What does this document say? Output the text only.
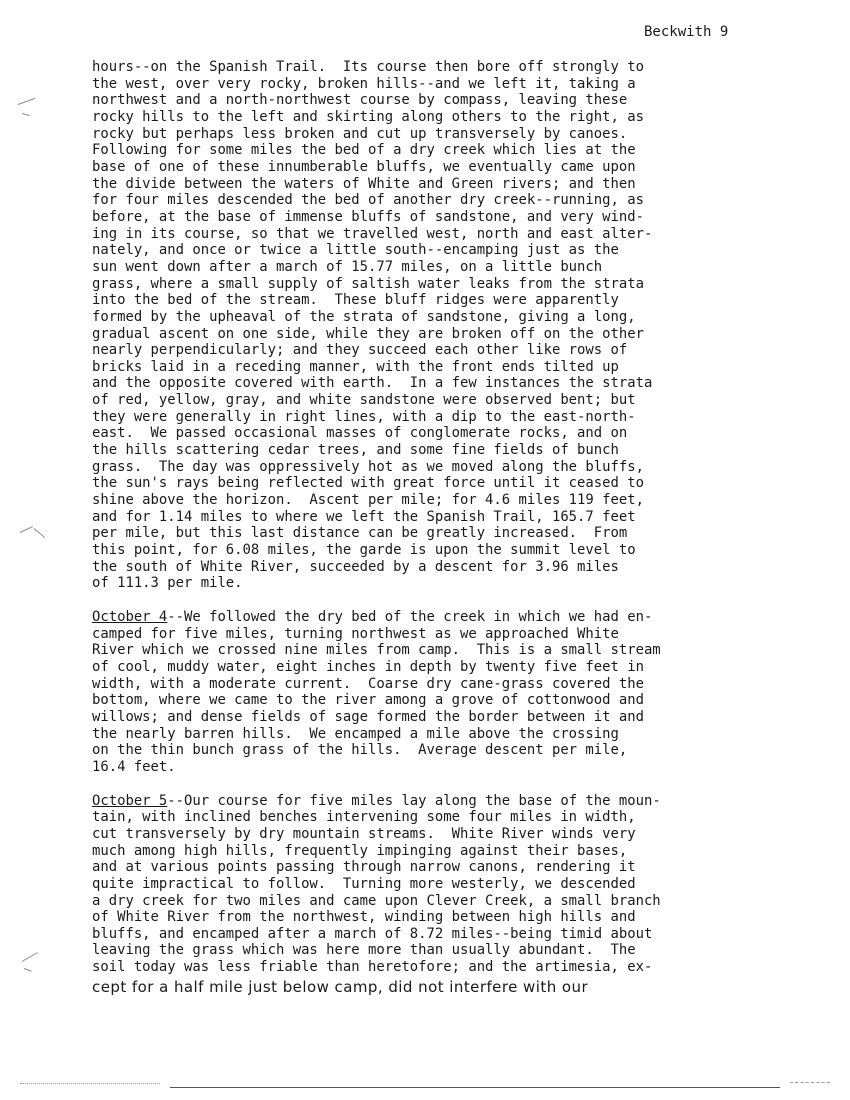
Beckwith 9
hours--on the Spanish Trail.  Its course then bore off strongly to
the west, over very rocky, broken hills--and we left it, taking a
northwest and a north-northwest course by compass, leaving these
rocky hills to the left and skirting along others to the right, as
rocky but perhaps less broken and cut up transversely by canoes.
Following for some miles the bed of a dry creek which lies at the
base of one of these innumberable bluffs, we eventually came upon
the divide between the waters of White and Green rivers; and then
for four miles descended the bed of another dry creek--running, as
before, at the base of immense bluffs of sandstone, and very wind-
ing in its course, so that we travelled west, north and east alter-
nately, and once or twice a little south--encamping just as the
sun went down after a march of 15.77 miles, on a little bunch
grass, where a small supply of saltish water leaks from the strata
into the bed of the stream.  These bluff ridges were apparently
formed by the upheaval of the strata of sandstone, giving a long,
gradual ascent on one side, while they are broken off on the other
nearly perpendicularly; and they succeed each other like rows of
bricks laid in a receding manner, with the front ends tilted up
and the opposite covered with earth.  In a few instances the strata
of red, yellow, gray, and white sandstone were observed bent; but
they were generally in right lines, with a dip to the east-north-
east.  We passed occasional masses of conglomerate rocks, and on
the hills scattering cedar trees, and some fine fields of bunch
grass.  The day was oppressively hot as we moved along the bluffs,
the sun's rays being reflected with great force until it ceased to
shine above the horizon.  Ascent per mile; for 4.6 miles 119 feet,
and for 1.14 miles to where we left the Spanish Trail, 165.7 feet
per mile, but this last distance can be greatly increased.  From
this point, for 6.08 miles, the garde is upon the summit level to
the south of White River, succeeded by a descent for 3.96 miles
of 111.3 per mile.
October 4--We followed the dry bed of the creek in which we had en-
camped for five miles, turning northwest as we approached White
River which we crossed nine miles from camp.  This is a small stream
of cool, muddy water, eight inches in depth by twenty five feet in
width, with a moderate current.  Coarse dry cane-grass covered the
bottom, where we came to the river among a grove of cottonwood and
willows; and dense fields of sage formed the border between it and
the nearly barren hills.  We encamped a mile above the crossing
on the thin bunch grass of the hills.  Average descent per mile,
16.4 feet.
October 5--Our course for five miles lay along the base of the moun-
tain, with inclined benches intervening some four miles in width,
cut transversely by dry mountain streams.  White River winds very
much among high hills, frequently impinging against their bases,
and at various points passing through narrow canons, rendering it
quite impractical to follow.  Turning more westerly, we descended
a dry creek for two miles and came upon Clever Creek, a small branch
of White River from the northwest, winding between high hills and
bluffs, and encamped after a march of 8.72 miles--being timid about
leaving the grass which was here more than usually abundant.  The
soil today was less friable than heretofore; and the artimesia, ex-
cept for a half mile just below camp, did not interfere with our
